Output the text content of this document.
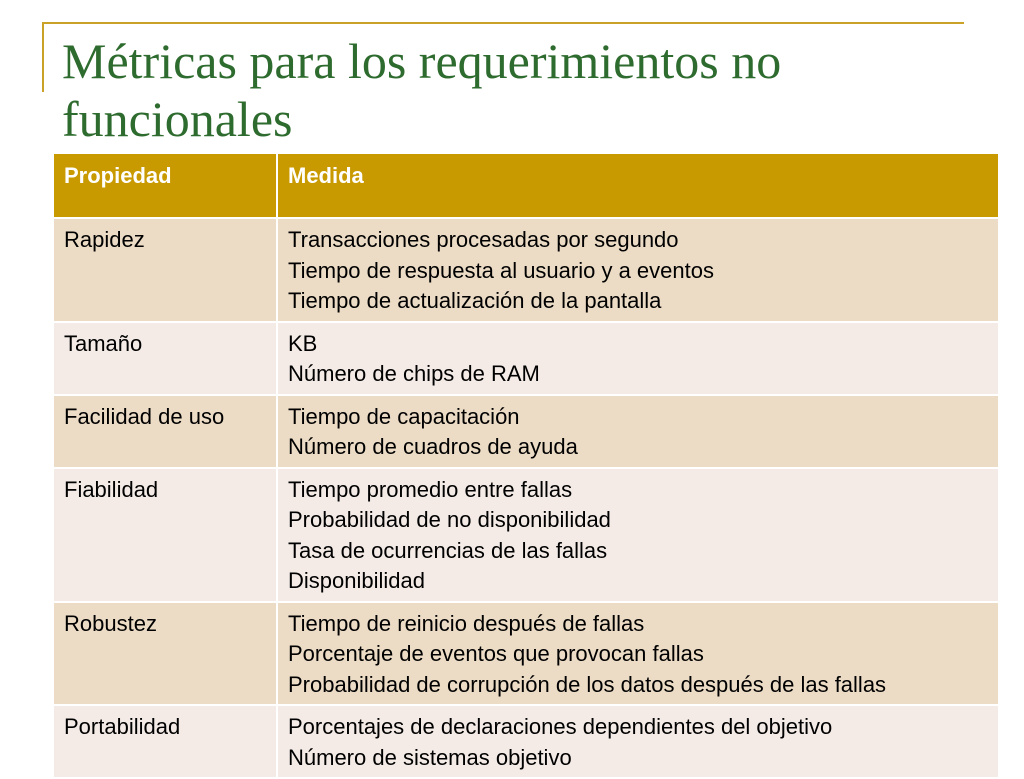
Métricas para los requerimientos no funcionales
Propiedad	Medida
Rapidez	Transacciones procesadas por segundo
Tiempo de respuesta al usuario y a eventos
Tiempo de actualización de la pantalla

Tamaño	KB
Número de chips de RAM

Facilidad de uso	Tiempo de capacitación
Número de cuadros de ayuda

Fiabilidad	Tiempo promedio entre fallas
Probabilidad de no disponibilidad
Tasa de ocurrencias de las fallas
Disponibilidad

Robustez	Tiempo de reinicio después de fallas
Porcentaje de eventos que provocan fallas
Probabilidad de corrupción de los datos después de las fallas

Portabilidad	Porcentajes de declaraciones dependientes del objetivo
Número de sistemas objetivo
